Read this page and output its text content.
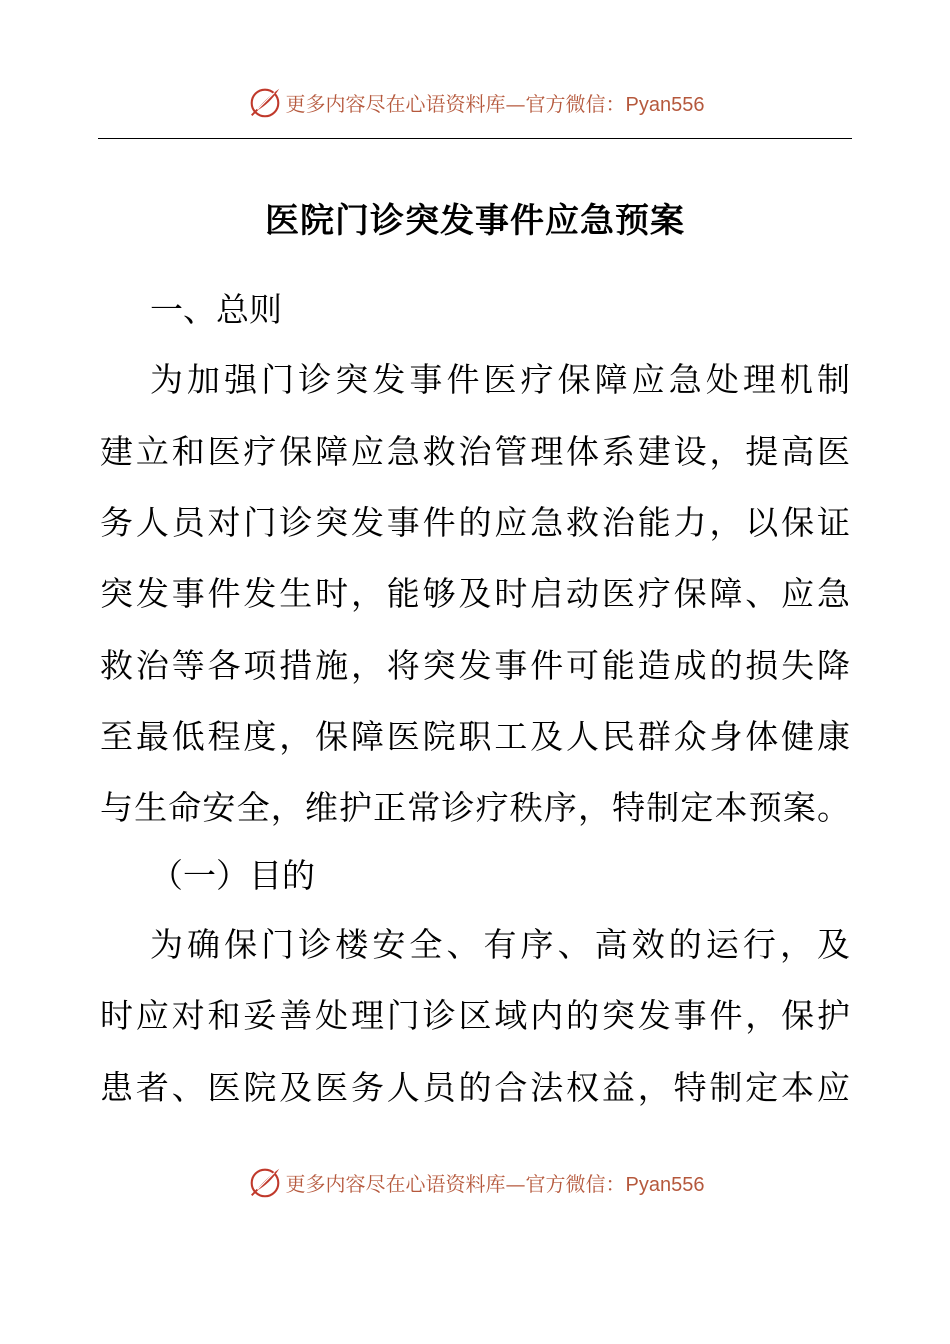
更多内容尽在心语资料库—官方微信：Pyan556
医院门诊突发事件应急预案
一、总则
为加强门诊突发事件医疗保障应急处理机制
建立和医疗保障应急救治管理体系建设，提高医
务人员对门诊突发事件的应急救治能力，以保证
突发事件发生时，能够及时启动医疗保障、应急
救治等各项措施，将突发事件可能造成的损失降
至最低程度，保障医院职工及人民群众身体健康
与生命安全，维护正常诊疗秩序，特制定本预案。
（一）目的
为确保门诊楼安全、有序、高效的运行，及
时应对和妥善处理门诊区域内的突发事件，保护
患者、医院及医务人员的合法权益，特制定本应
更多内容尽在心语资料库—官方微信：Pyan556
